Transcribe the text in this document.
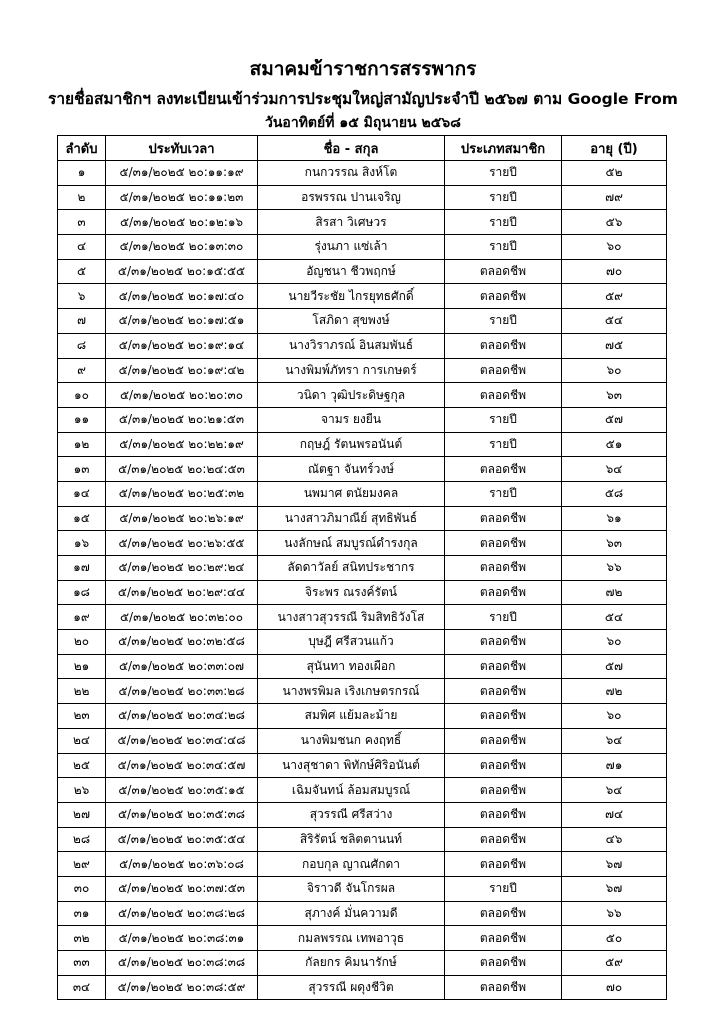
สมาคมข้าราชการสรรพากร
รายชื่อสมาชิกฯ ลงทะเบียนเข้าร่วมการประชุมใหญ่สามัญประจำปี ๒๕๖๗ ตาม Google From
วันอาทิตย์ที่ ๑๕ มิถุนายน ๒๕๖๘
ลำดับ	ประทับเวลา	ชื่อ - สกุล	ประเภทสมาชิก	อายุ (ปี)
๑	๕/๓๑/๒๐๒๕ ๒๐:๑๑:๑๙	กนกวรรณ สิงห์โต	รายปี	๕๒
๒	๕/๓๑/๒๐๒๕ ๒๐:๑๑:๒๓	อรพรรณ ปานเจริญ	รายปี	๗๙
๓	๕/๓๑/๒๐๒๕ ๒๐:๑๒:๑๖	สิรสา วิเศษวร	รายปี	๕๖
๔	๕/๓๑/๒๐๒๕ ๒๐:๑๓:๓๐	รุ่งนภา แซ่เล้า	รายปี	๖๐
๕	๕/๓๑/๒๐๒๕ ๒๐:๑๕:๕๕	อัญชนา ชีวพฤกษ์	ตลอดชีพ	๗๐
๖	๕/๓๑/๒๐๒๕ ๒๐:๑๗:๔๐	นายวีระชัย ไกรยุทธศักดิ์	ตลอดชีพ	๕๙
๗	๕/๓๑/๒๐๒๕ ๒๐:๑๗:๕๑	โสภิดา สุขพงษ์	รายปี	๕๔
๘	๕/๓๑/๒๐๒๕ ๒๐:๑๙:๑๔	นางวิราภรณ์ อินสมพันธ์	ตลอดชีพ	๗๕
๙	๕/๓๑/๒๐๒๕ ๒๐:๑๙:๔๒	นางพิมพ์ภัทรา การเกษตร์	ตลอดชีพ	๖๐
๑๐	๕/๓๑/๒๐๒๕ ๒๐:๒๐:๓๐	วนิดา วุฒิประดิษฐกุล	ตลอดชีพ	๖๓
๑๑	๕/๓๑/๒๐๒๕ ๒๐:๒๑:๕๓	จามร ยงยืน	รายปี	๕๗
๑๒	๕/๓๑/๒๐๒๕ ๒๐:๒๒:๑๙	กฤษฎ์ รัตนพรอนันต์	รายปี	๕๑
๑๓	๕/๓๑/๒๐๒๕ ๒๐:๒๔:๕๓	ณัตฐา จันทร์วงษ์	ตลอดชีพ	๖๔
๑๔	๕/๓๑/๒๐๒๕ ๒๐:๒๕:๓๒	นพมาศ ตนัยมงคล	รายปี	๕๘
๑๕	๕/๓๑/๒๐๒๕ ๒๐:๒๖:๑๙	นางสาวภิมาณีย์ สุทธิพันธ์	ตลอดชีพ	๖๑
๑๖	๕/๓๑/๒๐๒๕ ๒๐:๒๖:๕๕	นงลักษณ์ สมบูรณ์ดำรงกุล	ตลอดชีพ	๖๓
๑๗	๕/๓๑/๒๐๒๕ ๒๐:๒๙:๒๔	ลัดดาวัลย์ สนิทประชากร	ตลอดชีพ	๖๖
๑๘	๕/๓๑/๒๐๒๕ ๒๐:๒๙:๔๔	จิระพร ณรงค์รัตน์	ตลอดชีพ	๗๒
๑๙	๕/๓๑/๒๐๒๕ ๒๐:๓๒:๐๐	นางสาวสุวรรณี ริมสิทธิวังโส	รายปี	๕๔
๒๐	๕/๓๑/๒๐๒๕ ๒๐:๓๒:๕๘	บุษฎี ศรีสวนแก้ว	ตลอดชีพ	๖๐
๒๑	๕/๓๑/๒๐๒๕ ๒๐:๓๓:๐๗	สุนันทา ทองเผือก	ตลอดชีพ	๕๗
๒๒	๕/๓๑/๒๐๒๕ ๒๐:๓๓:๒๘	นางพรพิมล เริงเกษตรกรณ์	ตลอดชีพ	๗๒
๒๓	๕/๓๑/๒๐๒๕ ๒๐:๓๔:๒๘	สมพิศ แย้มละม้าย	ตลอดชีพ	๖๐
๒๔	๕/๓๑/๒๐๒๕ ๒๐:๓๔:๔๘	นางพิมชนก คงฤทธิ์	ตลอดชีพ	๖๔
๒๕	๕/๓๑/๒๐๒๕ ๒๐:๓๔:๕๗	นางสุชาดา พิทักษ์ศิริอนันต์	ตลอดชีพ	๗๑
๒๖	๕/๓๑/๒๐๒๕ ๒๐:๓๕:๑๕	เฉิมจันทน์ ล้อมสมบูรณ์	ตลอดชีพ	๖๔
๒๗	๕/๓๑/๒๐๒๕ ๒๐:๓๕:๓๘	สุวรรณี ศรีสว่าง	ตลอดชีพ	๗๔
๒๘	๕/๓๑/๒๐๒๕ ๒๐:๓๕:๕๔	สิริรัตน์ ชลิตตานนท์	ตลอดชีพ	๔๖
๒๙	๕/๓๑/๒๐๒๕ ๒๐:๓๖:๐๘	กอบกุล ญาณศักดา	ตลอดชีพ	๖๗
๓๐	๕/๓๑/๒๐๒๕ ๒๐:๓๗:๕๓	จิราวดี จันโกรผล	รายปี	๖๗
๓๑	๕/๓๑/๒๐๒๕ ๒๐:๓๘:๒๘	สุภางค์ มั่นความดี	ตลอดชีพ	๖๖
๓๒	๕/๓๑/๒๐๒๕ ๒๐:๓๘:๓๑	กมลพรรณ เทพอาวุธ	ตลอดชีพ	๕๐
๓๓	๕/๓๑/๒๐๒๕ ๒๐:๓๘:๓๘	กัลยกร คิมนารักษ์	ตลอดชีพ	๕๙
๓๔	๕/๓๑/๒๐๒๕ ๒๐:๓๘:๕๙	สุวรรณี ผดุงชีวิต	ตลอดชีพ	๗๐
